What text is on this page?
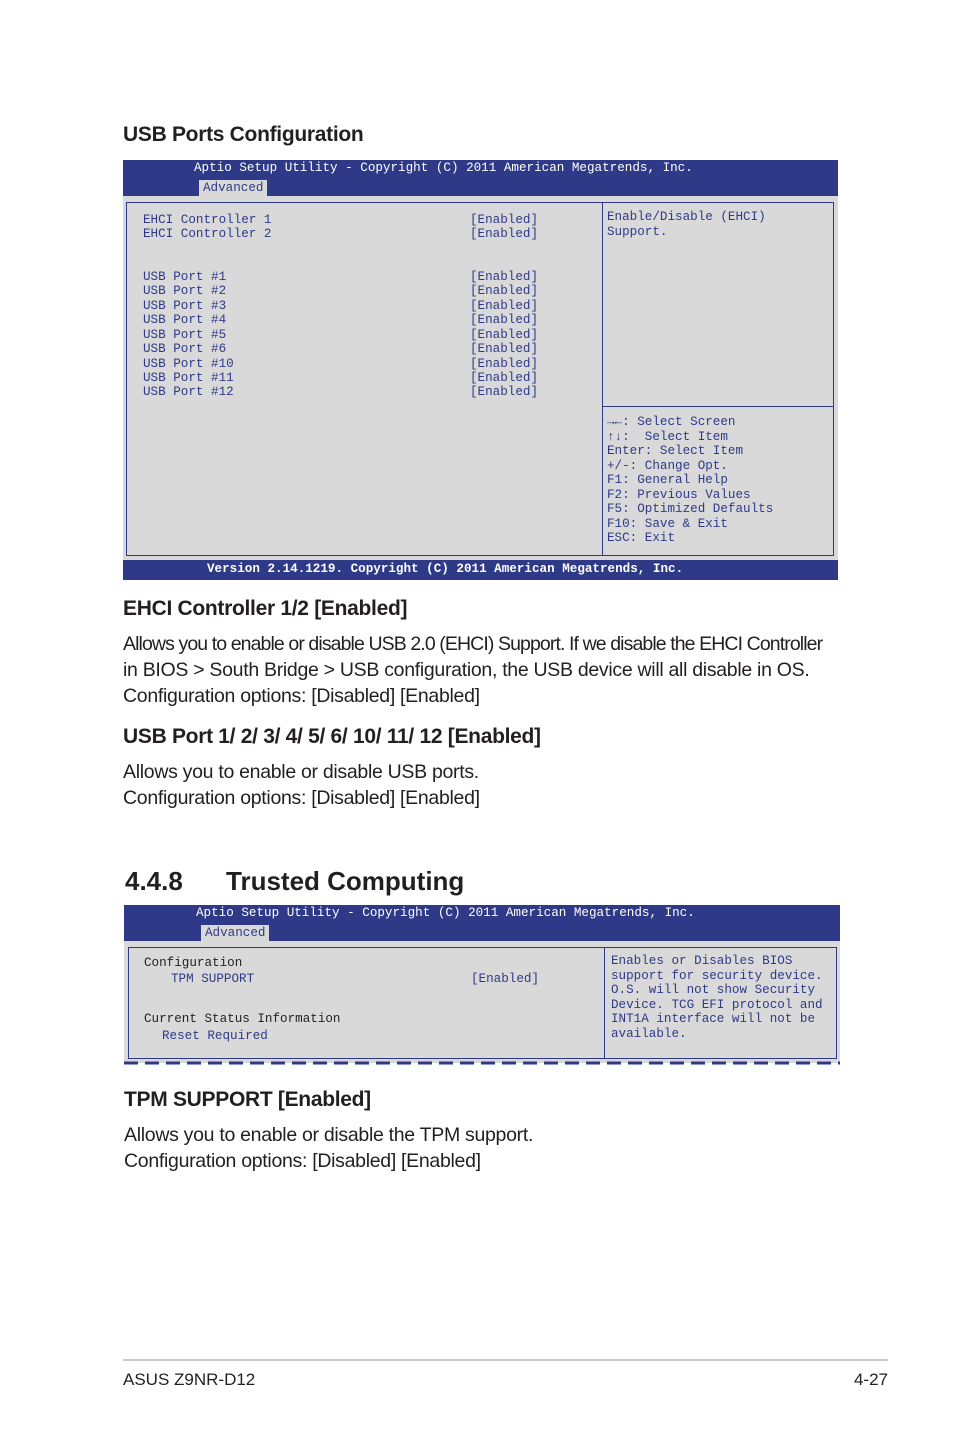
USB Ports Configuration
Aptio Setup Utility - Copyright (C) 2011 American Megatrends, Inc.
Advanced
EHCI Controller 1	[Enabled]
EHCI Controller 2	[Enabled]
USB Port #1	[Enabled]
USB Port #2	[Enabled]
USB Port #3	[Enabled]
USB Port #4	[Enabled]
USB Port #5	[Enabled]
USB Port #6	[Enabled]
USB Port #10	[Enabled]
USB Port #11	[Enabled]
USB Port #12	[Enabled]
Enable/Disable (EHCI)
Support.
→←: Select Screen
↑↓:  Select Item
Enter: Select Item
+/-: Change Opt.
F1: General Help
F2: Previous Values
F5: Optimized Defaults
F10: Save & Exit
ESC: Exit
Version 2.14.1219. Copyright (C) 2011 American Megatrends, Inc.
EHCI Controller 1/2 [Enabled]
Allows you to enable or disable USB 2.0 (EHCI) Support. If we disable the EHCI Controller
in BIOS > South Bridge > USB configuration, the USB device will all disable in OS.
Configuration options: [Disabled] [Enabled]
USB Port 1/ 2/ 3/ 4/ 5/ 6/ 10/ 11/ 12 [Enabled]
Allows you to enable or disable USB ports.
Configuration options: [Disabled] [Enabled]
4.4.8 Trusted Computing
Aptio Setup Utility - Copyright (C) 2011 American Megatrends, Inc.
Advanced
Configuration
TPM SUPPORT	[Enabled]
Current Status Information
Reset Required
Enables or Disables BIOS
support for security device.
O.S. will not show Security
Device. TCG EFI protocol and
INT1A interface will not be
available.
TPM SUPPORT [Enabled]
Allows you to enable or disable the TPM support.
Configuration options: [Disabled] [Enabled]
ASUS Z9NR-D12	4-27
